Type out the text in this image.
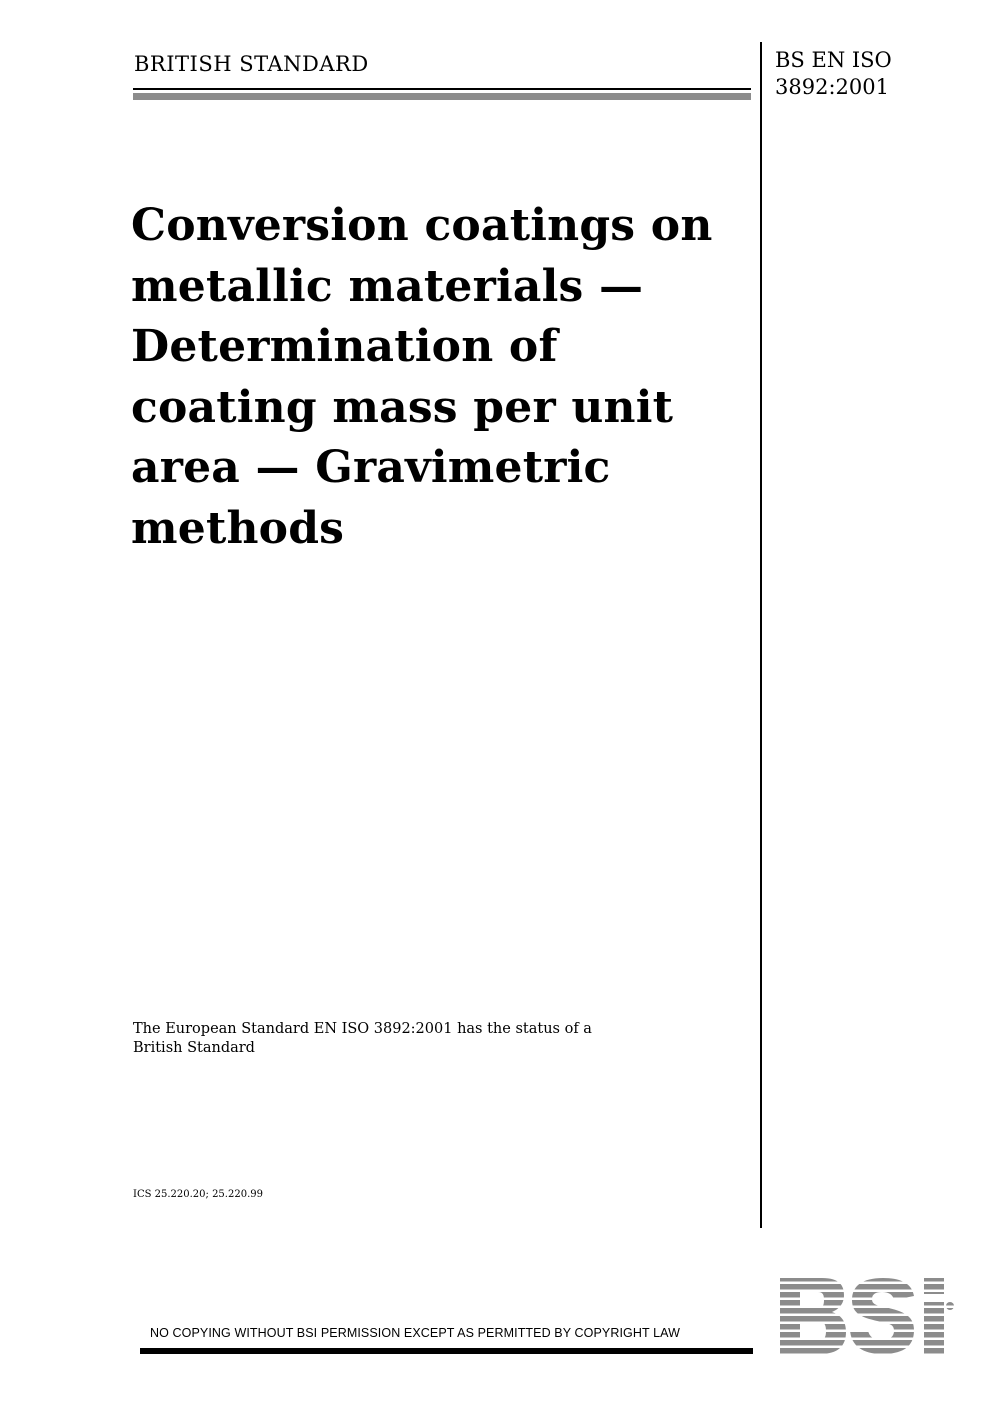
BRITISH STANDARD	BS EN ISO
3892:2001
Conversion coatings on
metallic materials —
Determination of
coating mass per unit
area — Gravimetric
methods
The European Standard EN ISO 3892:2001 has the status of a
British Standard
ICS 25.220.20; 25.220.99
NO COPYING WITHOUT BSI PERMISSION EXCEPT AS PERMITTED BY COPYRIGHT LAW
